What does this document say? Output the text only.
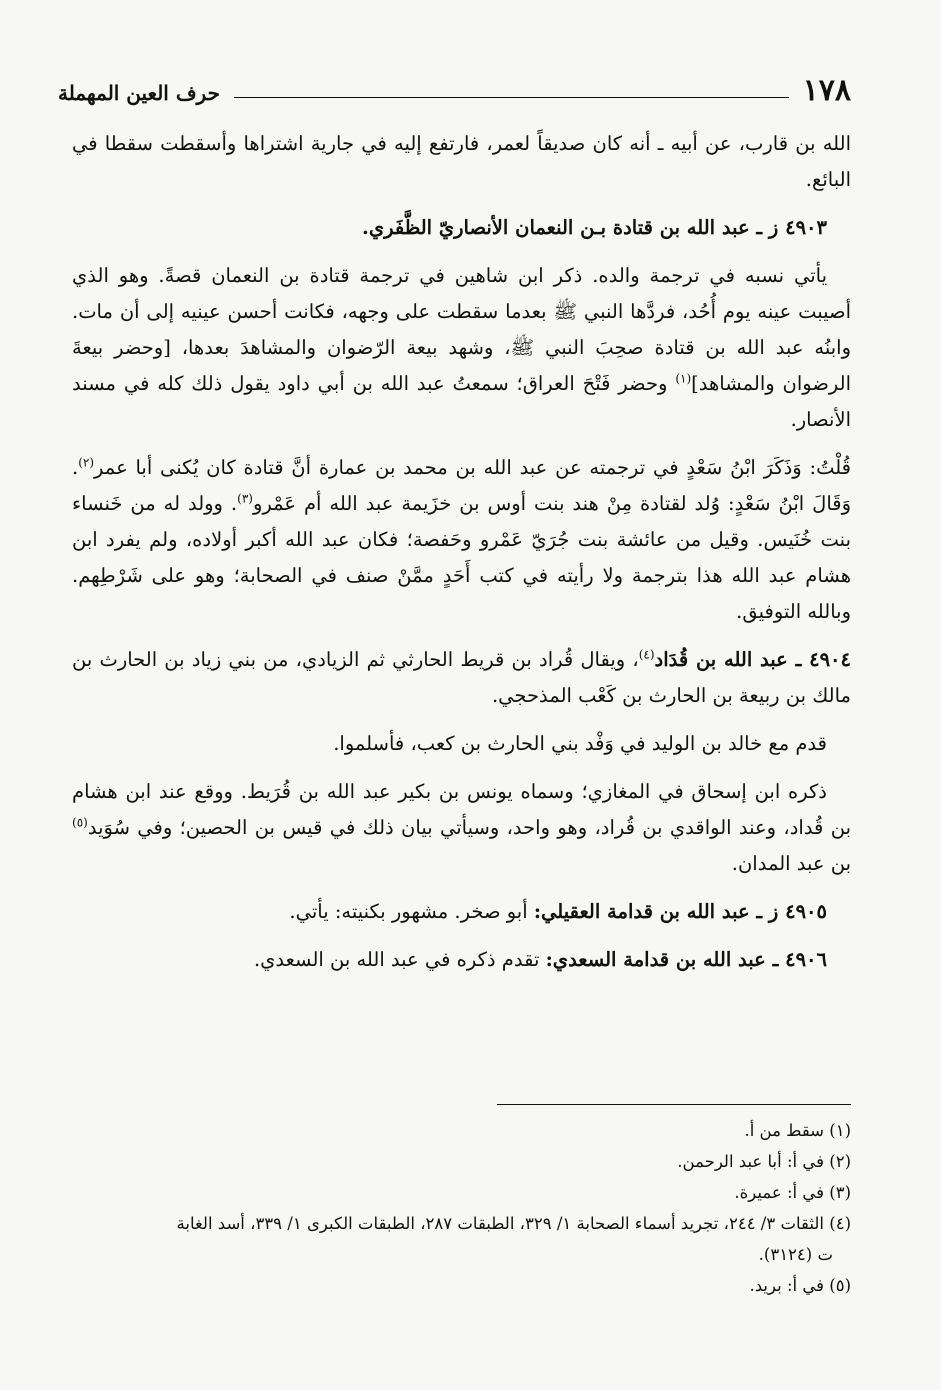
١٧٨
حرف العين المهملة

الله بن قارب، عن أبيه ـ أنه كان صديقاً لعمر، فارتفع إليه في جارية اشتراها وأسقطت سقطا في البائع.

٤٩٠٣ ز ـ عبد الله بن قتادة بـن النعمان الأنصاريّ الظَّفَري.

يأتي نسبه في ترجمة والده. ذكر ابن شاهين في ترجمة قتادة بن النعمان قصةً. وهو الذي أصيبت عينه يوم أُحُد، فردَّها النبي ﷺ بعدما سقطت على وجهه، فكانت أحسن عينيه إلى أن مات. وابنُه عبد الله بن قتادة صحِبَ النبي ﷺ، وشهد بيعة الرّضوان والمشاهدَ بعدها، [وحضر بيعةَ الرضوان والمشاهد]$^{(١)}$ وحضر فَتْحَ العراق؛ سمعتُ عبد الله بن أبي داود يقول ذلك كله في مسند الأنصار.

قُلْتُ: وَذَكَرَ ابْنُ سَعْدٍ في ترجمته عن عبد الله بن محمد بن عمارة أنَّ قتادة كان يُكنى أبا عمر$^{(٢)}$. وَقَالَ ابْنُ سَعْدٍ: وُلد لقتادة مِنْ هند بنت أوس بن خزَيمة عبد الله أم عَمْرو$^{(٣)}$. وولد له من خَنساء بنت خُنَيس. وقيل من عائشة بنت جُرَيّ عَمْرو وحَفصة؛ فكان عبد الله أكبر أولاده، ولم يفرد ابن هشام عبد الله هذا بترجمة ولا رأيته في كتب أَحَدٍ ممَّنْ صنف في الصحابة؛ وهو على شَرْطِهم. وبالله التوفيق.

٤٩٠٤ ـ عبد الله بن قُدَاد$^{(٤)}$، ويقال قُراد بن قريط الحارثي ثم الزيادي، من بني زياد بن الحارث بن مالك بن ربيعة بن الحارث بن كَعْب المذحجي.

قدم مع خالد بن الوليد في وَفْد بني الحارث بن كعب، فأسلموا.

ذكره ابن إسحاق في المغازي؛ وسماه يونس بن بكير عبد الله بن قُرَيط. ووقع عند ابن هشام بن قُداد، وعند الواقدي بن قُراد، وهو واحد، وسيأتي بيان ذلك في قيس بن الحصين؛ وفي سُوَيد$^{(٥)}$ بن عبد المدان.

٤٩٠٥ ز ـ عبد الله بن قدامة العقيلي: أبو صخر. مشهور بكنيته: يأتي.

٤٩٠٦ ـ عبد الله بن قدامة السعدي: تقدم ذكره في عبد الله بن السعدي.

(١) سقط من أ.

(٢) في أ: أبا عبد الرحمن.

(٣) في أ: عميرة.

(٤) الثقات ٣/ ٢٤٤، تجريد أسماء الصحابة ١/ ٣٢٩، الطبقات ٢٨٧، الطبقات الكبرى ١/ ٣٣٩، أسد الغابة

ت (٣١٢٤).

(٥) في أ: بريد.
